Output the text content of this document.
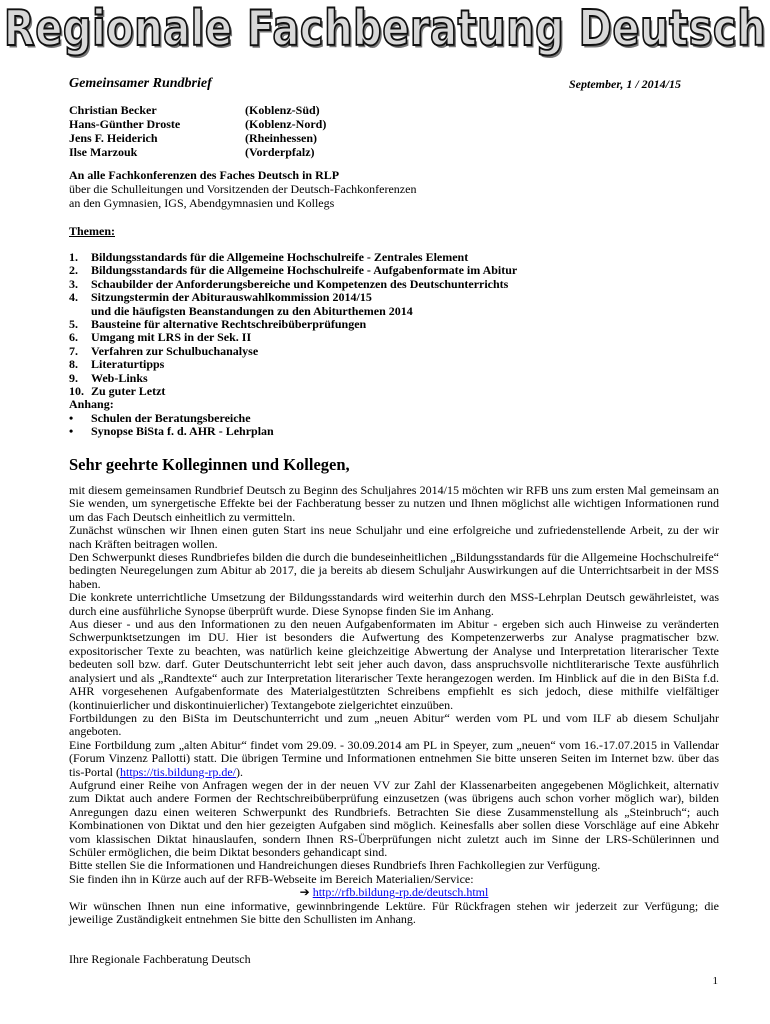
Regionale Fachberatung Deutsch
Gemeinsamer Rundbrief	September, 1 / 2014/15
Christian Becker	(Koblenz-Süd)
Hans-Günther Droste	(Koblenz-Nord)
Jens F. Heiderich	(Rheinhessen)
Ilse Marzouk	(Vorderpfalz)
An alle Fachkonferenzen des Faches Deutsch in RLP
über die Schulleitungen und Vorsitzenden der Deutsch-Fachkonferenzen
an den Gymnasien, IGS, Abendgymnasien und Kollegs
Themen:
1. Bildungsstandards für die Allgemeine Hochschulreife - Zentrales Element
2. Bildungsstandards für die Allgemeine Hochschulreife - Aufgabenformate im Abitur
3. Schaubilder der Anforderungsbereiche und Kompetenzen des Deutschunterrichts
4. Sitzungstermin der Abiturauswahlkommission 2014/15
und die häufigsten Beanstandungen zu den Abiturthemen 2014
5. Bausteine für alternative Rechtschreibüberprüfungen
6. Umgang mit LRS in der Sek. II
7. Verfahren zur Schulbuchanalyse
8. Literaturtipps
9. Web-Links
10. Zu guter Letzt
Anhang:
• Schulen der Beratungsbereiche
• Synopse BiSta f. d. AHR - Lehrplan
Sehr geehrte Kolleginnen und Kollegen,

mit diesem gemeinsamen Rundbrief Deutsch zu Beginn des Schuljahres 2014/15 möchten wir RFB uns zum ersten Mal gemeinsam an Sie wenden, um synergetische Effekte bei der Fachberatung besser zu nutzen und Ihnen möglichst alle wichtigen Informationen rund um das Fach Deutsch einheitlich zu vermitteln.

Zunächst wünschen wir Ihnen einen guten Start ins neue Schuljahr und eine erfolgreiche und zufriedenstellende Arbeit, zu der wir nach Kräften beitragen wollen.

Den Schwerpunkt dieses Rundbriefes bilden die durch die bundeseinheitlichen „Bildungsstandards für die Allgemeine Hochschulreife“ bedingten Neuregelungen zum Abitur ab 2017, die ja bereits ab diesem Schuljahr Auswirkungen auf die Unterrichtsarbeit in der MSS haben.

Die konkrete unterrichtliche Umsetzung der Bildungsstandards wird weiterhin durch den MSS-Lehrplan Deutsch gewährleistet, was durch eine ausführliche Synopse überprüft wurde. Diese Synopse finden Sie im Anhang.

Aus dieser - und aus den Informationen zu den neuen Aufgabenformaten im Abitur - ergeben sich auch Hinweise zu veränderten Schwerpunktsetzungen im DU. Hier ist besonders die Aufwertung des Kompetenzerwerbs zur Analyse pragmatischer bzw. expositorischer Texte zu beachten, was natürlich keine gleichzeitige Abwertung der Analyse und Interpretation literarischer Texte bedeuten soll bzw. darf. Guter Deutschunterricht lebt seit jeher auch davon, dass anspruchsvolle nichtliterarische Texte ausführlich analysiert und als „Randtexte“ auch zur Interpretation literarischer Texte herangezogen werden. Im Hinblick auf die in den BiSta f.d. AHR vorgesehenen Aufgabenformate des Materialgestützten Schreibens empfiehlt es sich jedoch, diese mithilfe vielfältiger (kontinuierlicher und diskontinuierlicher) Textangebote zielgerichtet einzuüben.

Fortbildungen zu den BiSta im Deutschunterricht und zum „neuen Abitur“ werden vom PL und vom ILF ab diesem Schuljahr angeboten.

Eine Fortbildung zum „alten Abitur“ findet vom 29.09. - 30.09.2014 am PL in Speyer, zum „neuen“ vom 16.-17.07.2015 in Vallendar (Forum Vinzenz Pallotti) statt. Die übrigen Termine und Informationen entnehmen Sie bitte unseren Seiten im Internet bzw. über das tis-Portal (https://tis.bildung-rp.de/).

Aufgrund einer Reihe von Anfragen wegen der in der neuen VV zur Zahl der Klassenarbeiten angegebenen Möglichkeit, alternativ zum Diktat auch andere Formen der Rechtschreibüberprüfung einzusetzen (was übrigens auch schon vorher möglich war), bilden Anregungen dazu einen weiteren Schwerpunkt des Rundbriefs. Betrachten Sie diese Zusammenstellung als „Steinbruch“; auch Kombinationen von Diktat und den hier gezeigten Aufgaben sind möglich. Keinesfalls aber sollen diese Vorschläge auf eine Abkehr vom klassischen Diktat hinauslaufen, sondern Ihnen RS-Überprüfungen nicht zuletzt auch im Sinne der LRS-Schülerinnen und Schüler ermöglichen, die beim Diktat besonders gehandicapt sind.

Bitte stellen Sie die Informationen und Handreichungen dieses Rundbriefs Ihren Fachkollegien zur Verfügung.

Sie finden ihn in Kürze auch auf der RFB-Webseite im Bereich Materialien/Service:

➔ http://rfb.bildung-rp.de/deutsch.html

Wir wünschen Ihnen nun eine informative, gewinnbringende Lektüre. Für Rückfragen stehen wir jederzeit zur Verfügung; die jeweilige Zuständigkeit entnehmen Sie bitte den Schullisten im Anhang.

Ihre Regionale Fachberatung Deutsch
1
